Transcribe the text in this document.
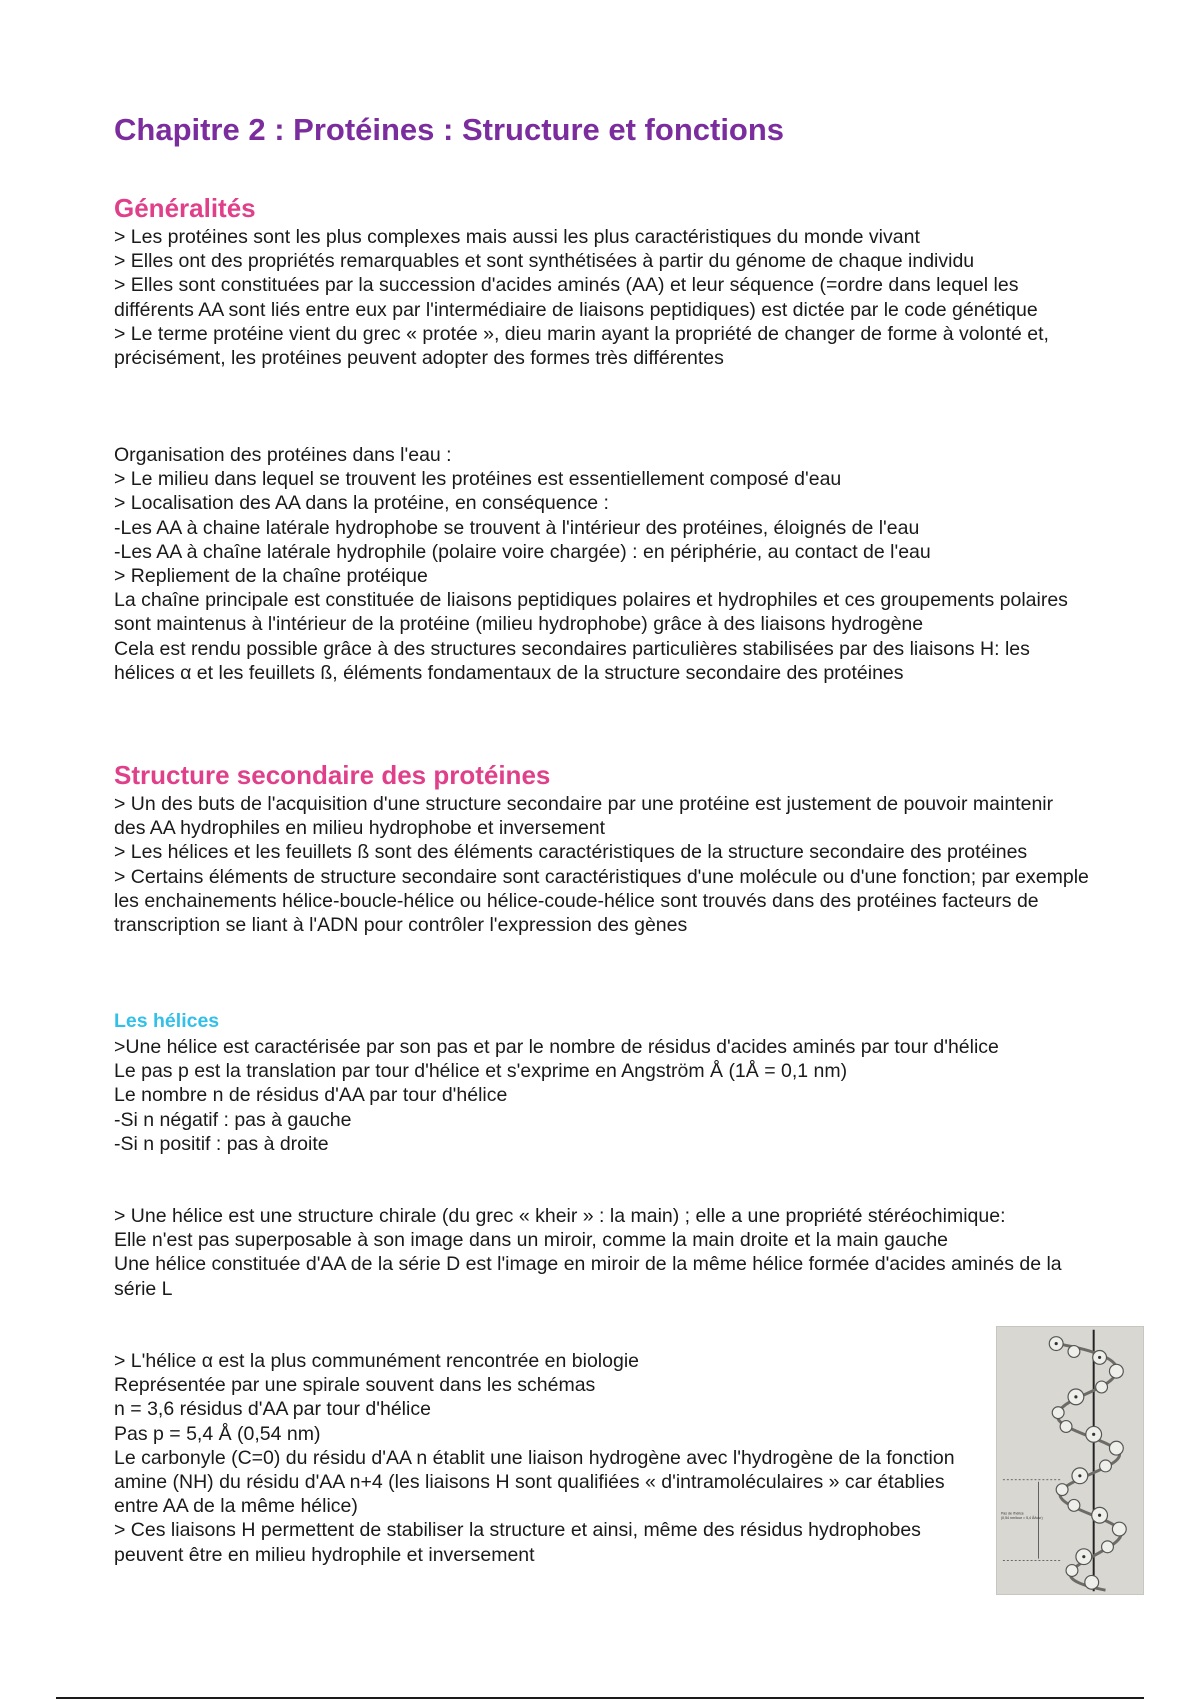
Chapitre 2 : Protéines : Structure et fonctions
Généralités

> Les protéines sont les plus complexes mais aussi les plus caractéristiques du monde vivant

> Elles ont des propriétés remarquables et sont synthétisées à partir du génome de chaque individu

> Elles sont constituées par la succession d'acides aminés (AA) et leur séquence (=ordre dans lequel les différents AA sont liés entre eux par l'intermédiaire de liaisons peptidiques) est dictée par le code génétique

> Le terme protéine vient du grec « protée », dieu marin ayant la propriété de changer de forme à volonté et, précisément, les protéines peuvent adopter des formes très différentes

Organisation des protéines dans l'eau :

> Le milieu dans lequel se trouvent les protéines est essentiellement composé d'eau

> Localisation des AA dans la protéine, en conséquence :

-Les AA à chaine latérale hydrophobe se trouvent à l'intérieur des protéines, éloignés de l'eau

-Les AA à chaîne latérale hydrophile (polaire voire chargée) : en périphérie, au contact de l'eau

> Repliement de la chaîne protéique

La chaîne principale est constituée de liaisons peptidiques polaires et hydrophiles et ces groupements polaires sont maintenus à l'intérieur de la protéine (milieu hydrophobe) grâce à des liaisons hydrogène

Cela est rendu possible grâce à des structures secondaires particulières stabilisées par des liaisons H: les hélices α et les feuillets ß, éléments fondamentaux de la structure secondaire des protéines

Structure secondaire des protéines

> Un des buts de l'acquisition d'une structure secondaire par une protéine est justement de pouvoir maintenir des AA hydrophiles en milieu hydrophobe et inversement

> Les hélices et les feuillets ß sont des éléments caractéristiques de la structure secondaire des protéines

> Certains éléments de structure secondaire sont caractéristiques d'une molécule ou d'une fonction; par exemple les enchainements hélice-boucle-hélice ou hélice-coude-hélice sont trouvés dans des protéines facteurs de transcription se liant à l'ADN pour contrôler l'expression des gènes

Les hélices

>Une hélice est caractérisée par son pas et par le nombre de résidus d'acides aminés par tour d'hélice

Le pas p est la translation par tour d'hélice et s'exprime en Angström Å (1Å = 0,1 nm)

Le nombre n de résidus d'AA par tour d'hélice

-Si n négatif : pas à gauche

-Si n positif : pas à droite

> Une hélice est une structure chirale (du grec « kheir » : la main) ; elle a une propriété stéréochimique:

Elle n'est pas superposable à son image dans un miroir, comme la main droite et la main gauche

Une hélice constituée d'AA de la série D est l'image en miroir de la même hélice formée d'acides aminés de la série L

> L'hélice α est la plus communément rencontrée en biologie

Représentée par une spirale souvent dans les schémas

n = 3,6 résidus d'AA par tour d'hélice

Pas p = 5,4 Å (0,54 nm)

Le carbonyle (C=0) du résidu d'AA n établit une liaison hydrogène avec l'hydrogène de la fonction amine (NH) du résidu d'AA n+4 (les liaisons H sont qualifiées « d'intramoléculaires » car établies entre AA de la même hélice)

> Ces liaisons H permettent de stabiliser la structure et ainsi, même des résidus hydrophobes peuvent être en milieu hydrophile et inversement

Pas de l'hélice
(0,54 nm/tour = 5,4 Å/tour)
